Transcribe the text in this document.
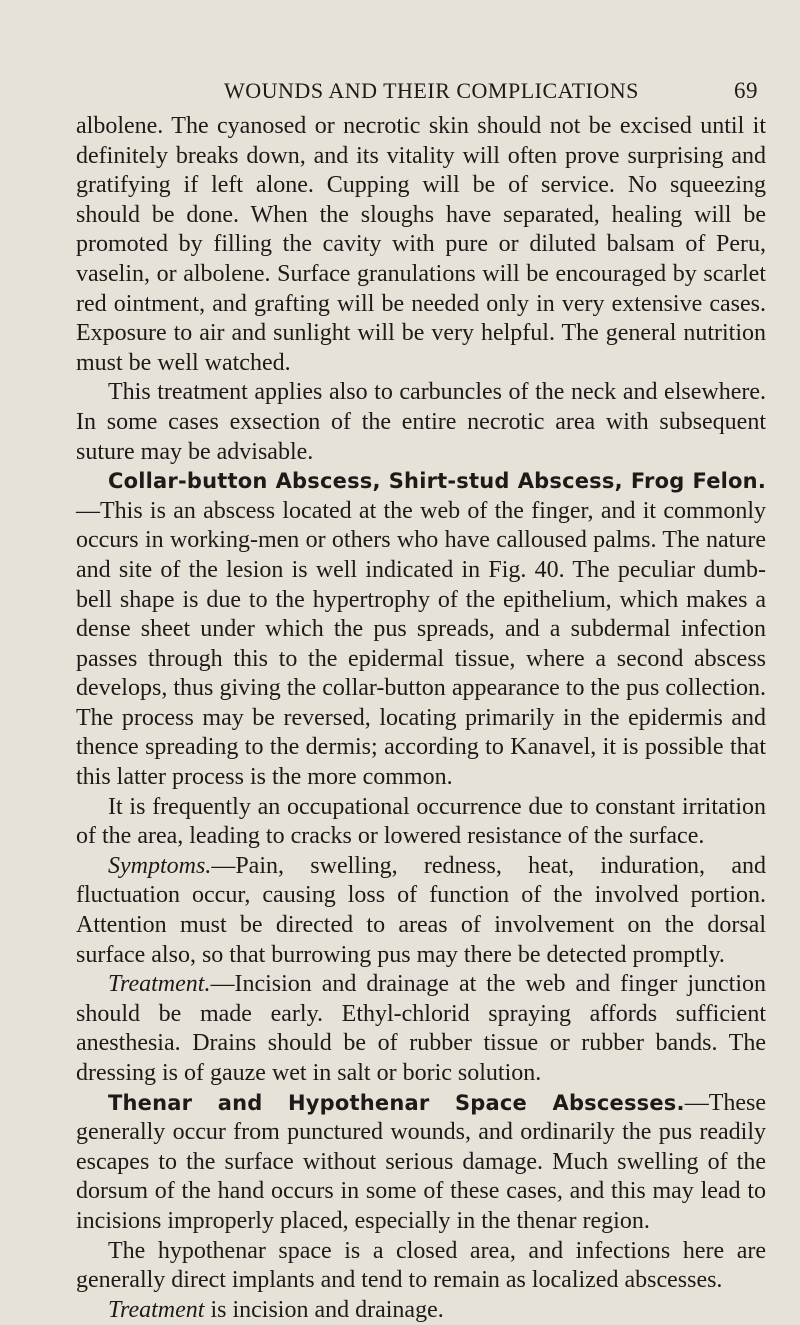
WOUNDS AND THEIR COMPLICATIONS	69

albolene. The cyanosed or necrotic skin should not be excised until it definitely breaks down, and its vitality will often prove surprising and gratifying if left alone. Cupping will be of service. No squeezing should be done. When the sloughs have separated, healing will be promoted by filling the cavity with pure or diluted balsam of Peru, vaselin, or albolene. Surface granulations will be encouraged by scarlet red ointment, and grafting will be needed only in very extensive cases. Exposure to air and sunlight will be very helpful. The general nutrition must be well watched.

This treatment applies also to carbuncles of the neck and elsewhere. In some cases exsection of the entire necrotic area with subsequent suture may be advisable.

Collar-button Abscess, Shirt-stud Abscess, Frog Felon.—This is an abscess located at the web of the finger, and it commonly occurs in working-men or others who have calloused palms. The nature and site of the lesion is well indicated in Fig. 40. The peculiar dumb-bell shape is due to the hypertrophy of the epithelium, which makes a dense sheet under which the pus spreads, and a subdermal infection passes through this to the epidermal tissue, where a second abscess develops, thus giving the collar-button appearance to the pus collection. The process may be reversed, locating primarily in the epidermis and thence spreading to the dermis; according to Kanavel, it is possible that this latter process is the more common.

It is frequently an occupational occurrence due to constant irritation of the area, leading to cracks or lowered resistance of the surface.

Symptoms.—Pain, swelling, redness, heat, induration, and fluctuation occur, causing loss of function of the involved portion. Attention must be directed to areas of involvement on the dorsal surface also, so that burrowing pus may there be detected promptly.

Treatment.—Incision and drainage at the web and finger junction should be made early. Ethyl-chlorid spraying affords sufficient anesthesia. Drains should be of rubber tissue or rubber bands. The dressing is of gauze wet in salt or boric solution.

Thenar and Hypothenar Space Abscesses.—These generally occur from punctured wounds, and ordinarily the pus readily escapes to the surface without serious damage. Much swelling of the dorsum of the hand occurs in some of these cases, and this may lead to incisions improperly placed, especially in the thenar region.

The hypothenar space is a closed area, and infections here are generally direct implants and tend to remain as localized abscesses.

Treatment is incision and drainage.
